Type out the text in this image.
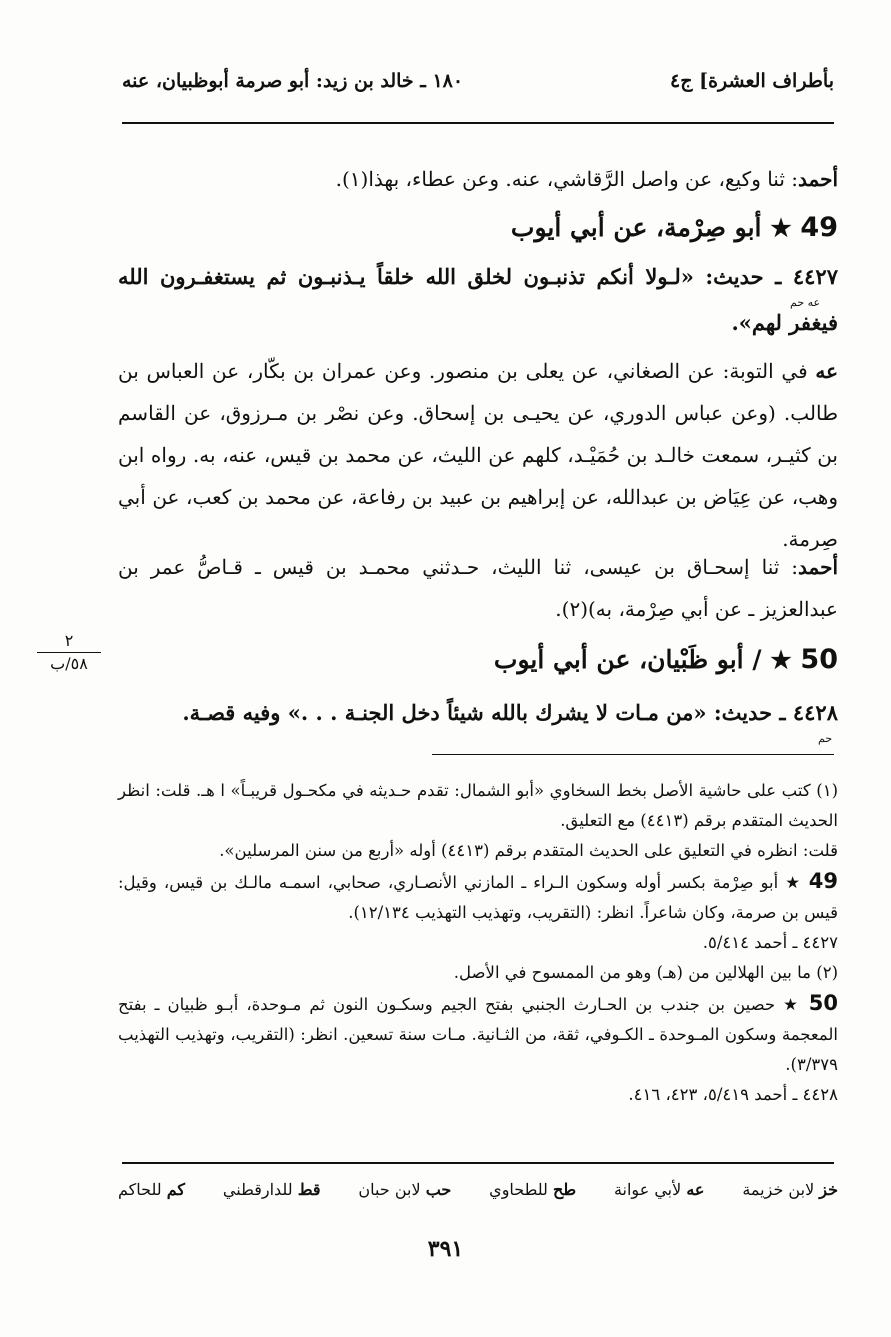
بأطراف العشرة] ج٤
١٨٠ ـ خالد بن زيد: أبو صرمة أبوظبيان، عنه
أحمد: ثنا وكيع، عن واصل الرَّقاشي، عنه. وعن عطاء، بهذا(١).
49 ★ أبو صِرْمة، عن أبي أيوب
٤٤٢٧ ـ حديث: «لـولا أنكم تذنبـون لخلق الله خلقاً يـذنبـون ثم يستغفـرون الله فيغفر لهم».
عه حم
عه في التوبة: عن الصغاني، عن يعلى بن منصور. وعن عمران بن بكّار، عن العباس بن طالب. (وعن عباس الدوري، عن يحيـى بن إسحاق. وعن نصْر بن مـرزوق، عن القاسم بن كثيـر، سمعت خالـد بن حُمَيْـد، كلهم عن الليث، عن محمد بن قيس، عنه، به. رواه ابن وهب، عن عِيَاض بن عبدالله، عن إبراهيم بن عبيد بن رفاعة، عن محمد بن كعب، عن أبي صِرمة.
أحمد: ثنا إسحـاق بن عيسى، ثنا الليث، حـدثني محمـد بن قيس ـ قـاصُّ عمر بن عبدالعزيز ـ عن أبي صِرْمة، به)(٢).
٢
٥٨/ب	50 ★ / أبو ظَبْيان، عن أبي أيوب
٤٤٢٨ ـ حديث: «من مـات لا يشرك بالله شيئاً دخل الجنـة . . .» وفيه قصـة.
حم

(١) كتب على حاشية الأصل بخط السخاوي «أبو الشمال: تقدم حـديثه في مكحـول قريبـاً» ا هـ. قلت: انظر الحديث المتقدم برقم (٤٤١٣) مع التعليق.

قلت: انظره في التعليق على الحديث المتقدم برقم (٤٤١٣) أوله «أربع من سنن المرسلين».

49 ★ أبو صِرْمة بكسر أوله وسكون الـراء ـ المازني الأنصـاري، صحابي، اسمـه مالـك بن قيس، وقيل: قيس بن صرمة، وكان شاعراً. انظر: (التقريب، وتهذيب التهذيب ١٢/١٣٤).

٤٤٢٧ ـ أحمد ٥/٤١٤.

(٢) ما بين الهلالين من (هـ) وهو من الممسوح في الأصل.

50 ★ حصين بن جندب بن الحـارث الجنبي بفتح الجيم وسكـون النون ثم مـوحدة، أبـو ظبيان ـ بفتح المعجمة وسكون المـوحدة ـ الكـوفي، ثقة، من الثـانية. مـات سنة تسعين. انظر: (التقريب، وتهذيب التهذيب ٣/٣٧٩).

٤٤٢٨ ـ أحمد ٥/٤١٩، ٤٢٣، ٤١٦.

خز لابن خزيمة
عه لأبي عوانة
طح للطحاوي
حب لابن حبان
قط للدارقطني
كم للحاكم
٣٩١
